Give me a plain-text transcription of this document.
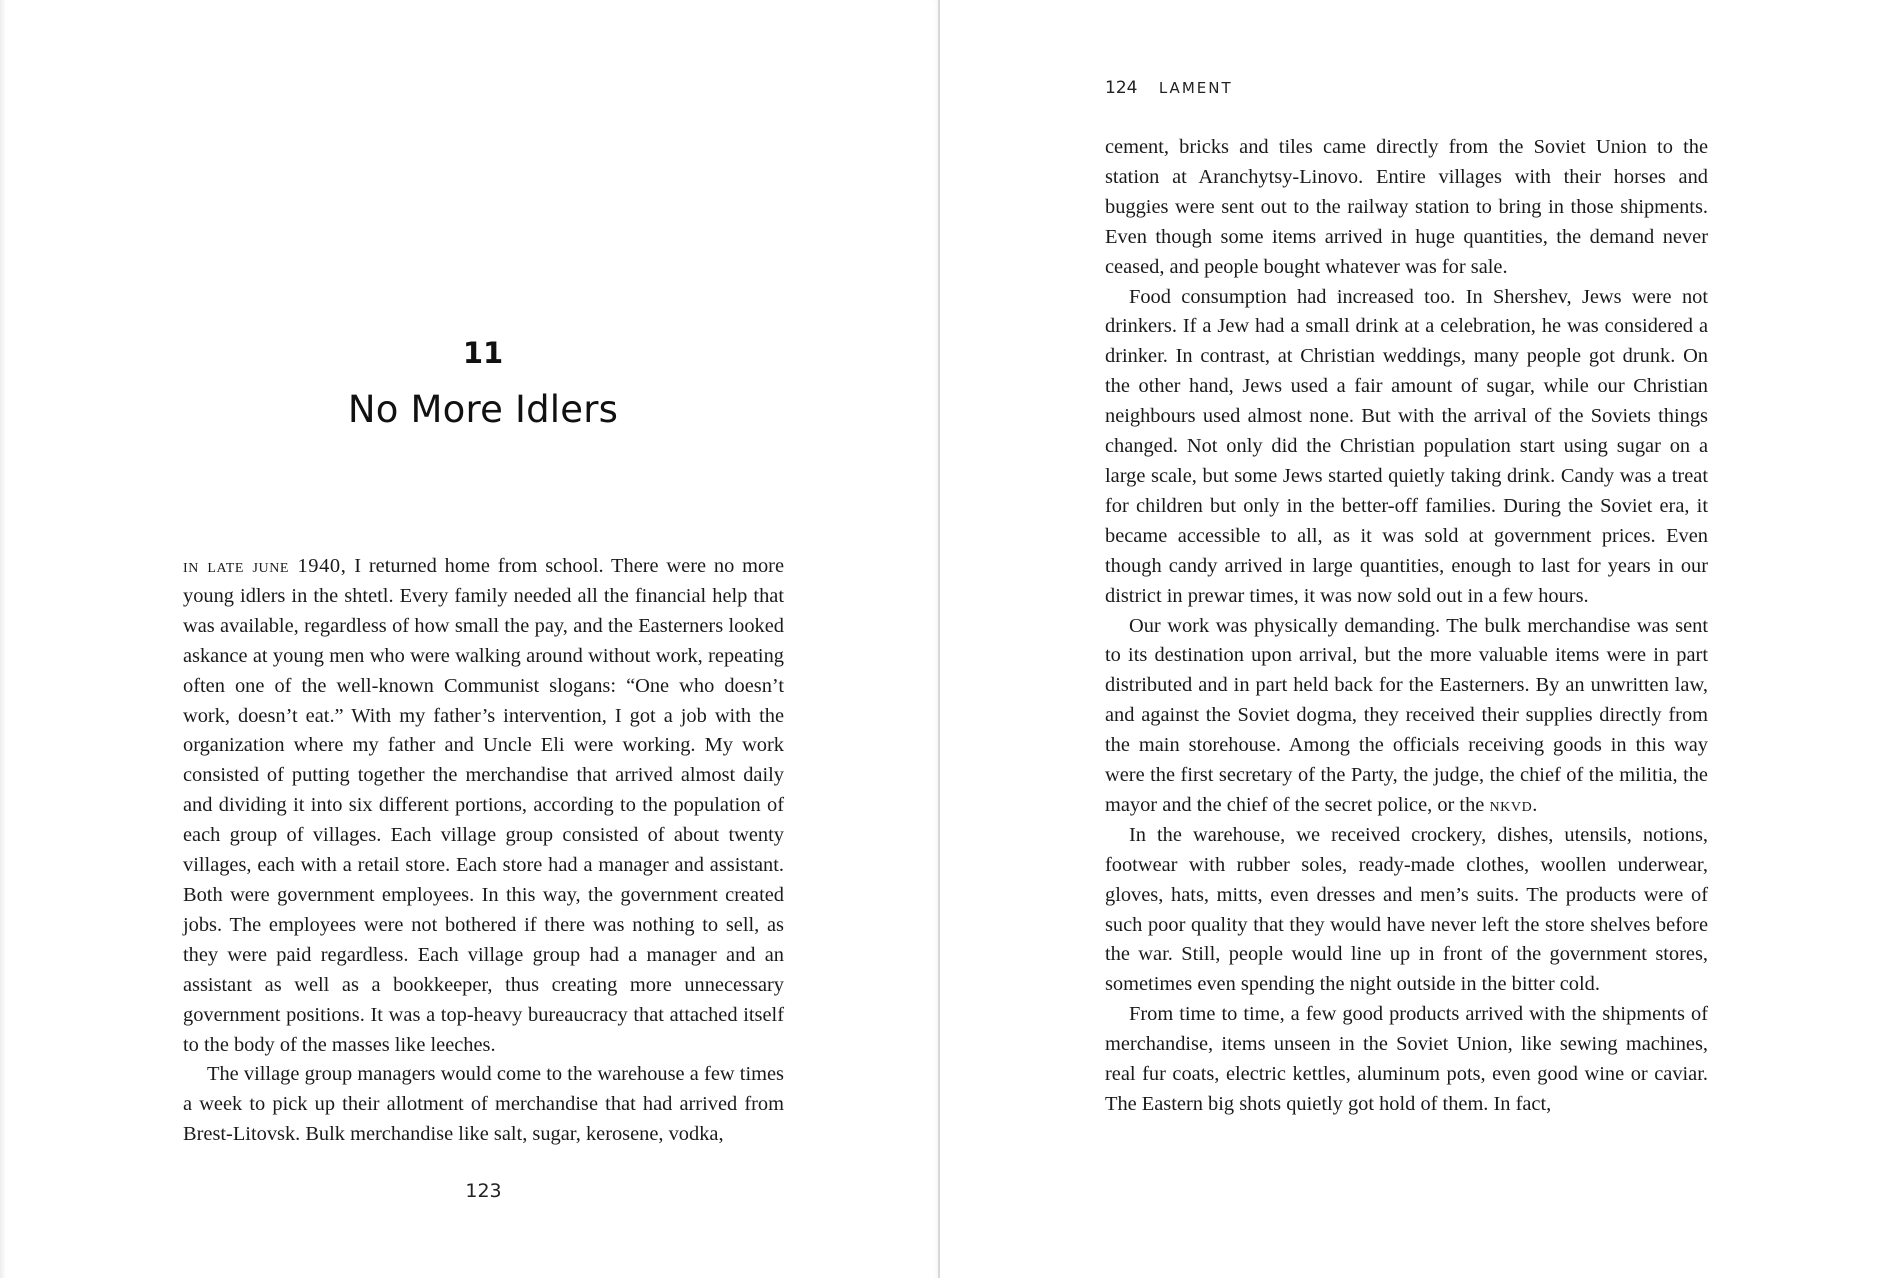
11
No More Idlers

in late june 1940, I returned home from school. There were no more young idlers in the shtetl. Every family needed all the financial help that was available, regardless of how small the pay, and the Easterners looked askance at young men who were walking around without work, repeating often one of the well-known Communist slogans: “One who doesn’t work, doesn’t eat.” With my father’s intervention, I got a job with the organization where my father and Uncle Eli were working. My work consisted of putting together the merchandise that arrived almost daily and dividing it into six different portions, according to the population of each group of villages. Each village group consisted of about twenty villages, each with a retail store. Each store had a manager and assistant. Both were government employees. In this way, the government created jobs. The employees were not bothered if there was nothing to sell, as they were paid regardless. Each village group had a manager and an assistant as well as a bookkeeper, thus creating more unnecessary government positions. It was a top-heavy bureaucracy that attached itself to the body of the masses like leeches.

The village group managers would come to the warehouse a few times a week to pick up their allotment of merchandise that had arrived from Brest-Litovsk. Bulk merchandise like salt, sugar, kerosene, vodka,

123
124 LAMENT

cement, bricks and tiles came directly from the Soviet Union to the station at Aranchytsy-Linovo. Entire villages with their horses and buggies were sent out to the railway station to bring in those shipments. Even though some items arrived in huge quantities, the demand never ceased, and people bought whatever was for sale.

Food consumption had increased too. In Shershev, Jews were not drinkers. If a Jew had a small drink at a celebration, he was considered a drinker. In contrast, at Christian weddings, many people got drunk. On the other hand, Jews used a fair amount of sugar, while our Christian neighbours used almost none. But with the arrival of the Soviets things changed. Not only did the Christian population start using sugar on a large scale, but some Jews started quietly taking drink. Candy was a treat for children but only in the better-off families. During the Soviet era, it became accessible to all, as it was sold at government prices. Even though candy arrived in large quantities, enough to last for years in our district in prewar times, it was now sold out in a few hours.

Our work was physically demanding. The bulk merchandise was sent to its destination upon arrival, but the more valuable items were in part distributed and in part held back for the Easterners. By an unwritten law, and against the Soviet dogma, they received their supplies directly from the main storehouse. Among the officials receiving goods in this way were the first secretary of the Party, the judge, the chief of the militia, the mayor and the chief of the secret police, or the nkvd.

In the warehouse, we received crockery, dishes, utensils, notions, footwear with rubber soles, ready-made clothes, woollen underwear, gloves, hats, mitts, even dresses and men’s suits. The products were of such poor quality that they would have never left the store shelves before the war. Still, people would line up in front of the government stores, sometimes even spending the night outside in the bitter cold.

From time to time, a few good products arrived with the shipments of merchandise, items unseen in the Soviet Union, like sewing machines, real fur coats, electric kettles, aluminum pots, even good wine or caviar. The Eastern big shots quietly got hold of them. In fact,
